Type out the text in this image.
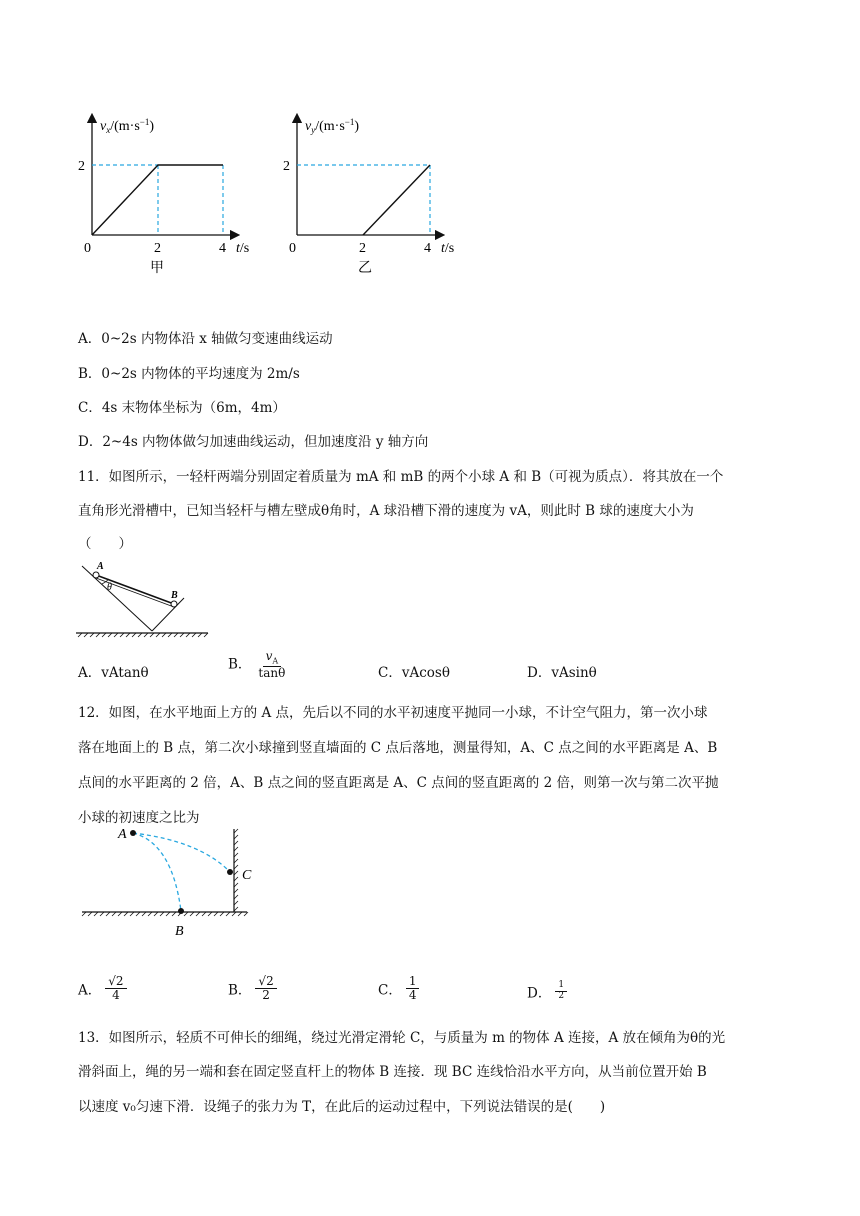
$v_x/(m\cdot s^{-1})$
2
0	2	4 t/s
甲
$v_y/(m\cdot s^{-1})$
2
0	2	4 t/s
乙
A．0~2s 内物体沿 x 轴做匀变速曲线运动
B．0~2s 内物体的平均速度为 2m/s
C．4s 末物体坐标为（6m，4m）
D．2~4s 内物体做匀加速曲线运动，但加速度沿 y 轴方向
11．如图所示，一轻杆两端分别固定着质量为 mA 和 mB 的两个小球 A 和 B（可视为质点）．将其放在一个
直角形光滑槽中，已知当轻杆与槽左壁成θ角时，A 球沿槽下滑的速度为 vA，则此时 B 球的速度大小为
（　　）
A
θ
B
A．vAtanθ
B． $\frac{v_A}{\tan\theta}$	C．vAcosθ	D．vAsinθ
12．如图，在水平地面上方的 A 点，先后以不同的水平初速度平抛同一小球，不计空气阻力，第一次小球
落在地面上的 B 点，第二次小球撞到竖直墙面的 C 点后落地，测量得知，A、C 点之间的水平距离是 A、B
点间的水平距离的 2 倍，A、B 点之间的竖直距离是 A、C 点间的竖直距离的 2 倍，则第一次与第二次平抛
小球的初速度之比为
A
B
C
A． $\frac{√2}{4}$	B． $\frac{√2}{2}$	C． $\frac{1}{4}$	D． $\frac{1}{2}$
13．如图所示，轻质不可伸长的细绳，绕过光滑定滑轮 C，与质量为 m 的物体 A 连接，A 放在倾角为θ的光
滑斜面上，绳的另一端和套在固定竖直杆上的物体 B 连接．现 BC 连线恰沿水平方向，从当前位置开始 B
以速度 v₀匀速下滑．设绳子的张力为 T，在此后的运动过程中，下列说法错误的是(　　)
